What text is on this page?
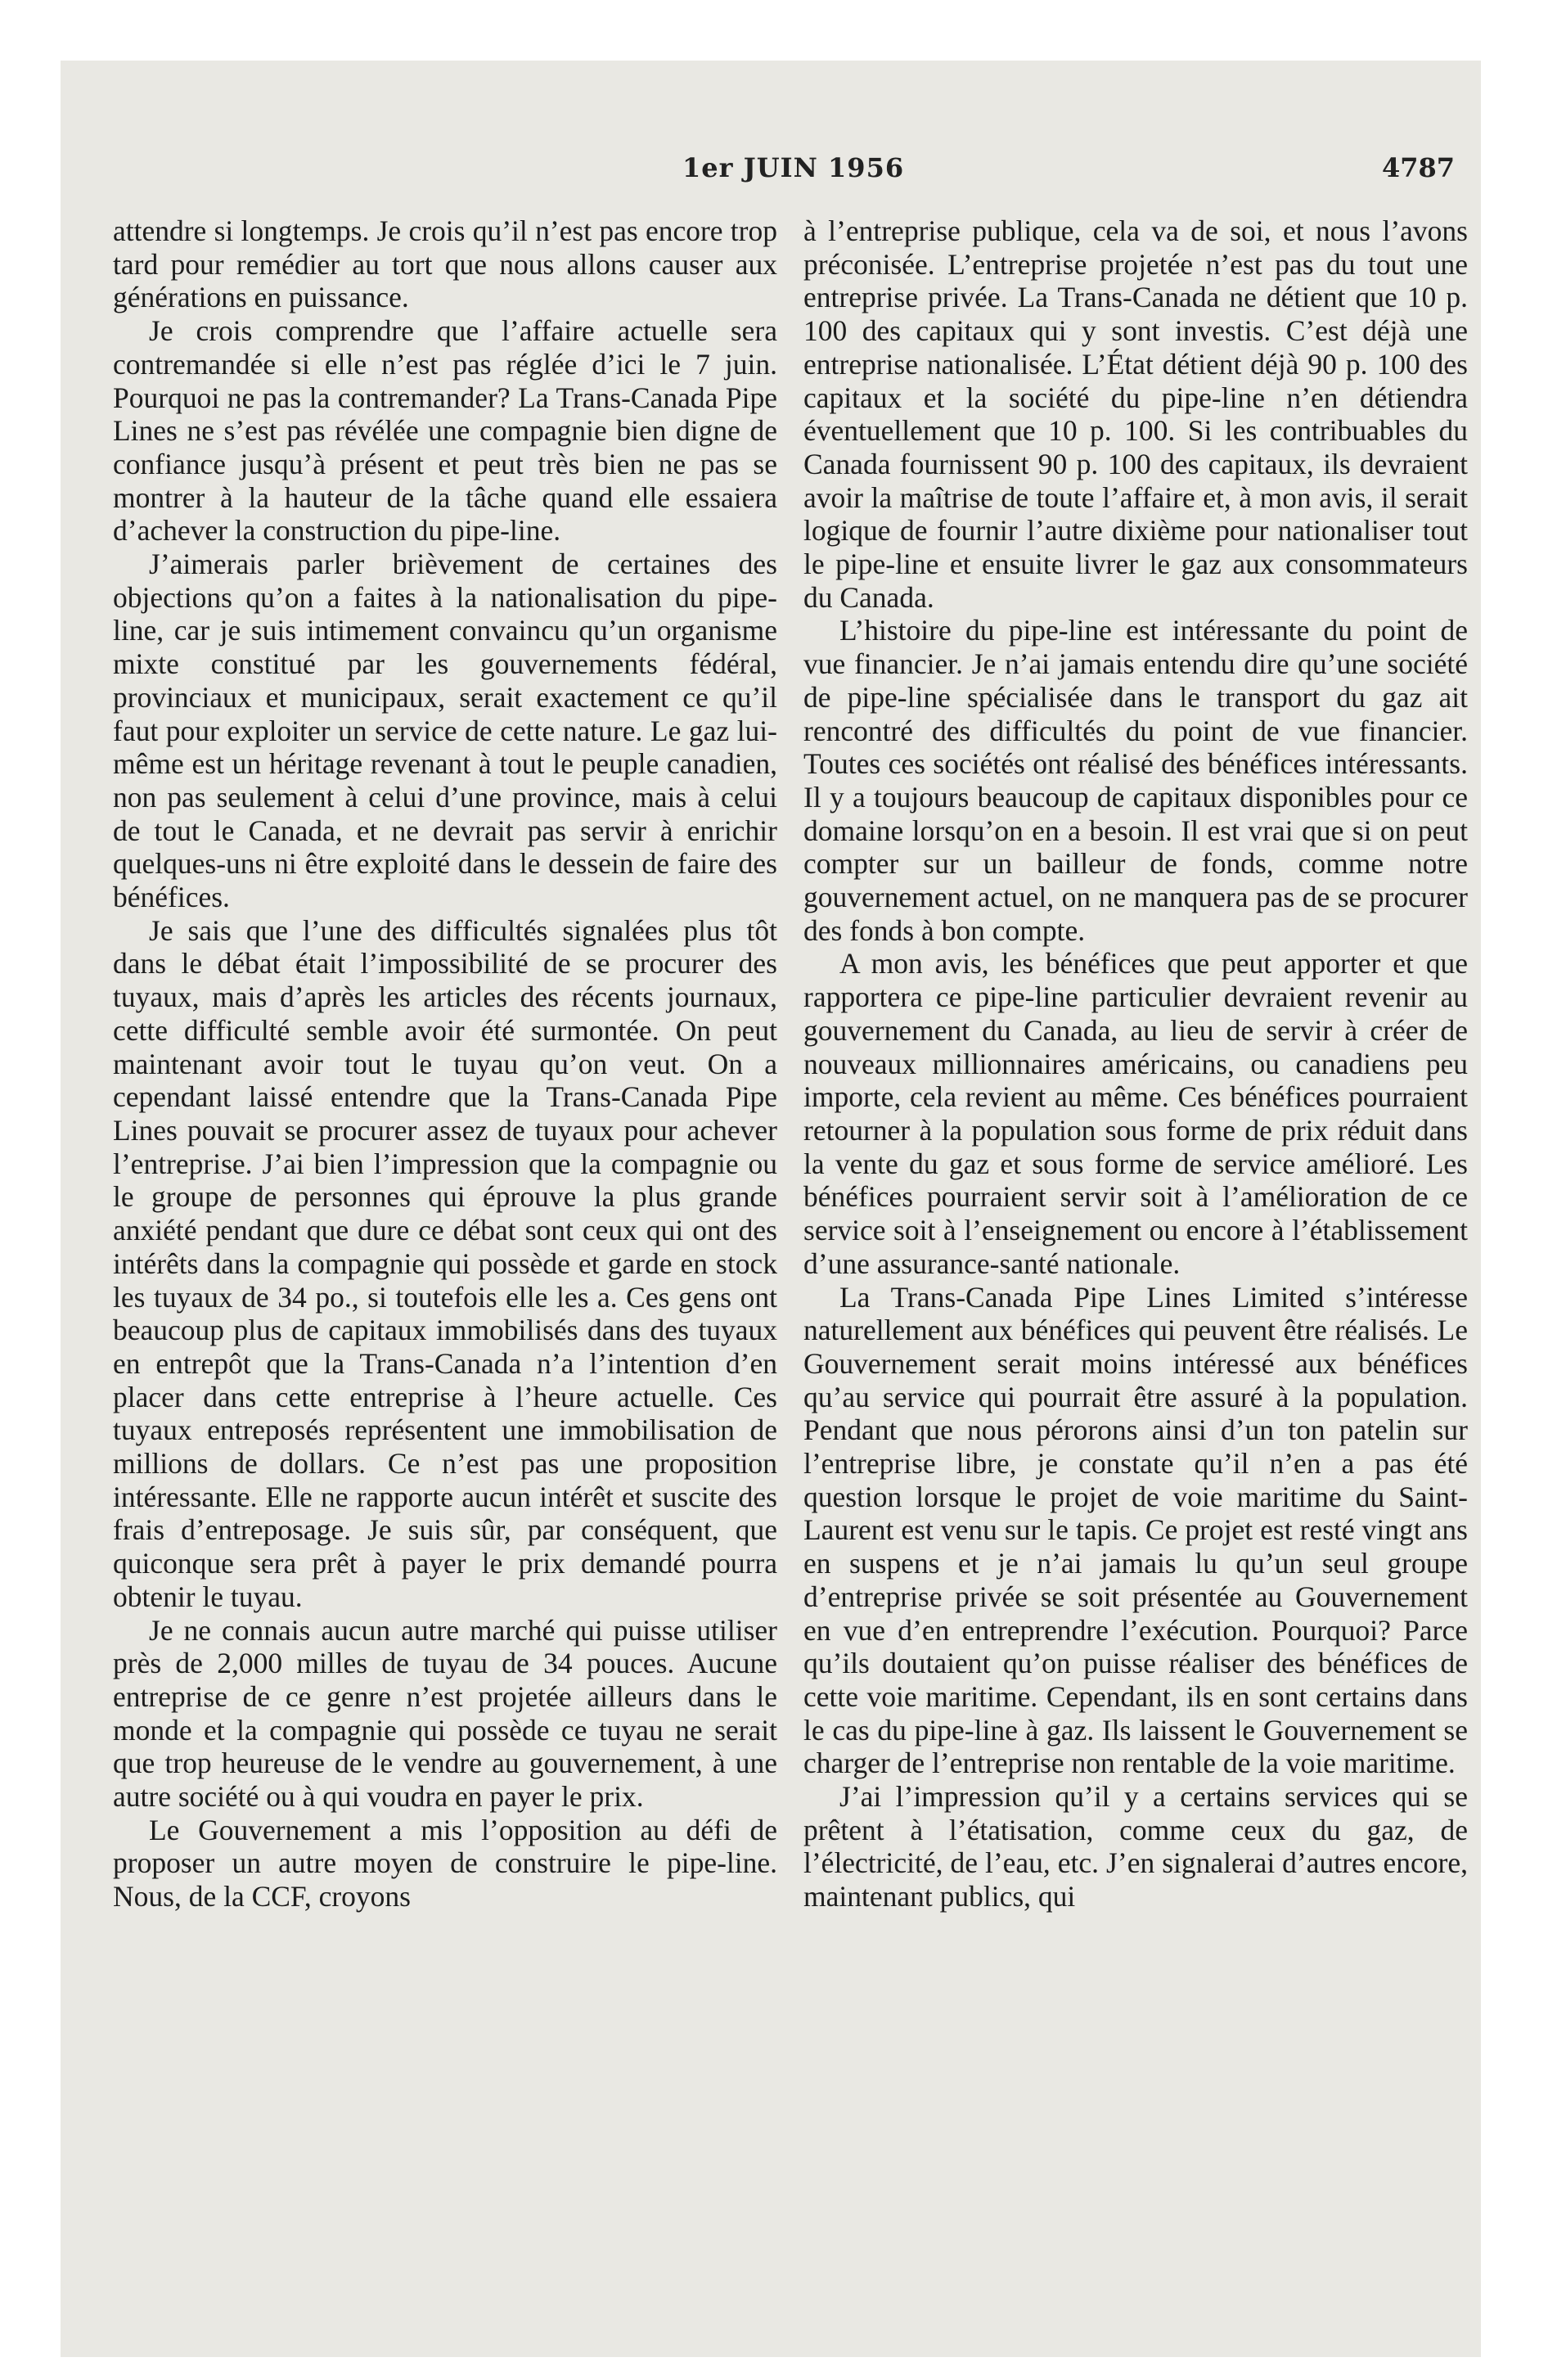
1er JUIN 1956	4787

attendre si longtemps. Je crois qu’il n’est pas encore trop tard pour remédier au tort que nous allons causer aux générations en puissance.

Je crois comprendre que l’affaire actuelle sera contremandée si elle n’est pas réglée d’ici le 7 juin. Pourquoi ne pas la contremander? La Trans-Canada Pipe Lines ne s’est pas révélée une compagnie bien digne de confiance jusqu’à présent et peut très bien ne pas se montrer à la hauteur de la tâche quand elle essaiera d’achever la construction du pipe-line.

J’aimerais parler brièvement de certaines des objections qu’on a faites à la nationalisation du pipe-line, car je suis intimement convaincu qu’un organisme mixte constitué par les gouvernements fédéral, provinciaux et municipaux, serait exactement ce qu’il faut pour exploiter un service de cette nature. Le gaz lui-même est un héritage revenant à tout le peuple canadien, non pas seulement à celui d’une province, mais à celui de tout le Canada, et ne devrait pas servir à enrichir quelques-uns ni être exploité dans le dessein de faire des bénéfices.

Je sais que l’une des difficultés signalées plus tôt dans le débat était l’impossibilité de se procurer des tuyaux, mais d’après les articles des récents journaux, cette difficulté semble avoir été surmontée. On peut maintenant avoir tout le tuyau qu’on veut. On a cependant laissé entendre que la Trans-Canada Pipe Lines pouvait se procurer assez de tuyaux pour achever l’entreprise. J’ai bien l’impression que la compagnie ou le groupe de personnes qui éprouve la plus grande anxiété pendant que dure ce débat sont ceux qui ont des intérêts dans la compagnie qui possède et garde en stock les tuyaux de 34 po., si toutefois elle les a. Ces gens ont beaucoup plus de capitaux immobilisés dans des tuyaux en entrepôt que la Trans-Canada n’a l’intention d’en placer dans cette entreprise à l’heure actuelle. Ces tuyaux entreposés représentent une immobilisation de millions de dollars. Ce n’est pas une proposition intéressante. Elle ne rapporte aucun intérêt et suscite des frais d’entreposage. Je suis sûr, par conséquent, que quiconque sera prêt à payer le prix demandé pourra obtenir le tuyau.

Je ne connais aucun autre marché qui puisse utiliser près de 2,000 milles de tuyau de 34 pouces. Aucune entreprise de ce genre n’est projetée ailleurs dans le monde et la compagnie qui possède ce tuyau ne serait que trop heureuse de le vendre au gouvernement, à une autre société ou à qui voudra en payer le prix.

Le Gouvernement a mis l’opposition au défi de proposer un autre moyen de construire le pipe-line. Nous, de la CCF, croyons

à l’entreprise publique, cela va de soi, et nous l’avons préconisée. L’entreprise projetée n’est pas du tout une entreprise privée. La Trans-Canada ne détient que 10 p. 100 des capitaux qui y sont investis. C’est déjà une entreprise nationalisée. L’État détient déjà 90 p. 100 des capitaux et la société du pipe-line n’en détiendra éventuellement que 10 p. 100. Si les contribuables du Canada fournissent 90 p. 100 des capitaux, ils devraient avoir la maîtrise de toute l’affaire et, à mon avis, il serait logique de fournir l’autre dixième pour nationaliser tout le pipe-line et ensuite livrer le gaz aux consommateurs du Canada.

L’histoire du pipe-line est intéressante du point de vue financier. Je n’ai jamais entendu dire qu’une société de pipe-line spécialisée dans le transport du gaz ait rencontré des difficultés du point de vue financier. Toutes ces sociétés ont réalisé des bénéfices intéressants. Il y a toujours beaucoup de capitaux disponibles pour ce domaine lorsqu’on en a besoin. Il est vrai que si on peut compter sur un bailleur de fonds, comme notre gouvernement actuel, on ne manquera pas de se procurer des fonds à bon compte.

A mon avis, les bénéfices que peut apporter et que rapportera ce pipe-line particulier devraient revenir au gouvernement du Canada, au lieu de servir à créer de nouveaux millionnaires américains, ou canadiens peu importe, cela revient au même. Ces bénéfices pourraient retourner à la population sous forme de prix réduit dans la vente du gaz et sous forme de service amélioré. Les bénéfices pourraient servir soit à l’amélioration de ce service soit à l’enseignement ou encore à l’établissement d’une assurance-santé nationale.

La Trans-Canada Pipe Lines Limited s’intéresse naturellement aux bénéfices qui peuvent être réalisés. Le Gouvernement serait moins intéressé aux bénéfices qu’au service qui pourrait être assuré à la population. Pendant que nous pérorons ainsi d’un ton patelin sur l’entreprise libre, je constate qu’il n’en a pas été question lorsque le projet de voie maritime du Saint-Laurent est venu sur le tapis. Ce projet est resté vingt ans en suspens et je n’ai jamais lu qu’un seul groupe d’entreprise privée se soit présentée au Gouvernement en vue d’en entreprendre l’exécution. Pourquoi? Parce qu’ils doutaient qu’on puisse réaliser des bénéfices de cette voie maritime. Cependant, ils en sont certains dans le cas du pipe-line à gaz. Ils laissent le Gouvernement se charger de l’entreprise non rentable de la voie maritime.

J’ai l’impression qu’il y a certains services qui se prêtent à l’étatisation, comme ceux du gaz, de l’électricité, de l’eau, etc. J’en signalerai d’autres encore, maintenant publics, qui
